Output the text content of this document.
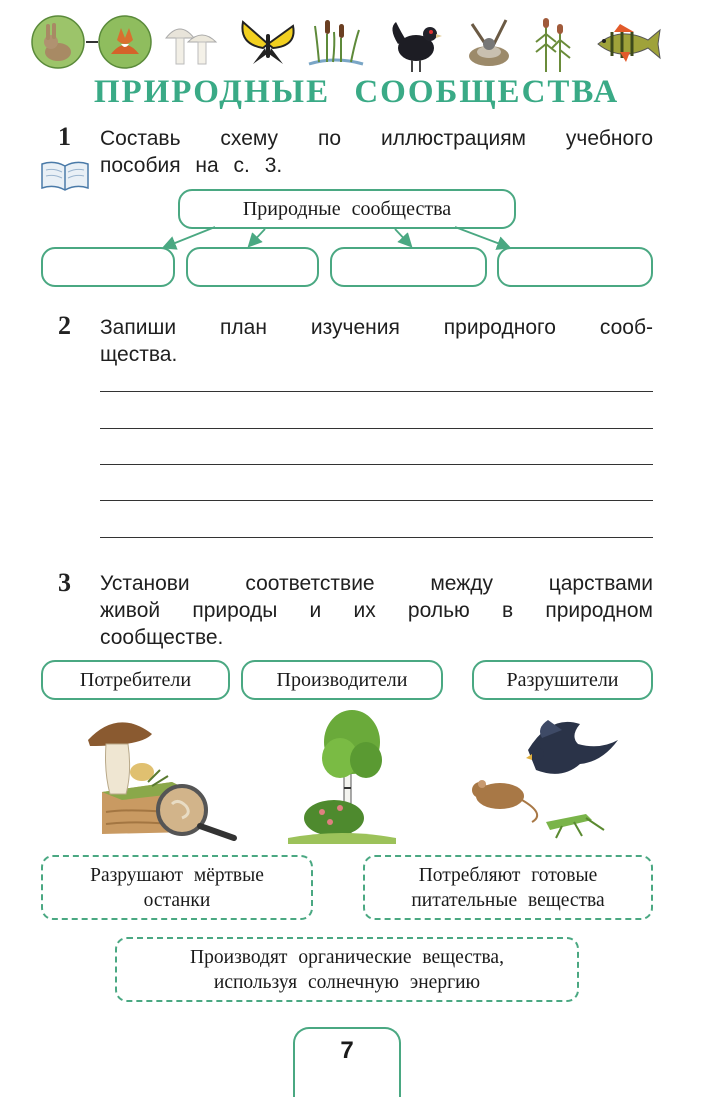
ПРИРОДНЫЕ СООБЩЕСТВА
1 Составь схему по иллюстрациям учебного
пособия на с. 3.
Природные сообщества
2 Запиши план изучения природного сооб-
щества.
3 Установи соответствие между царствами
живой природы и их ролью в природном
сообществе.
Потребители	Производители	Разрушители
Разрушают мёртвые
останки
Потребляют готовые
питательные вещества
Производят органические вещества,
используя солнечную энергию
7
